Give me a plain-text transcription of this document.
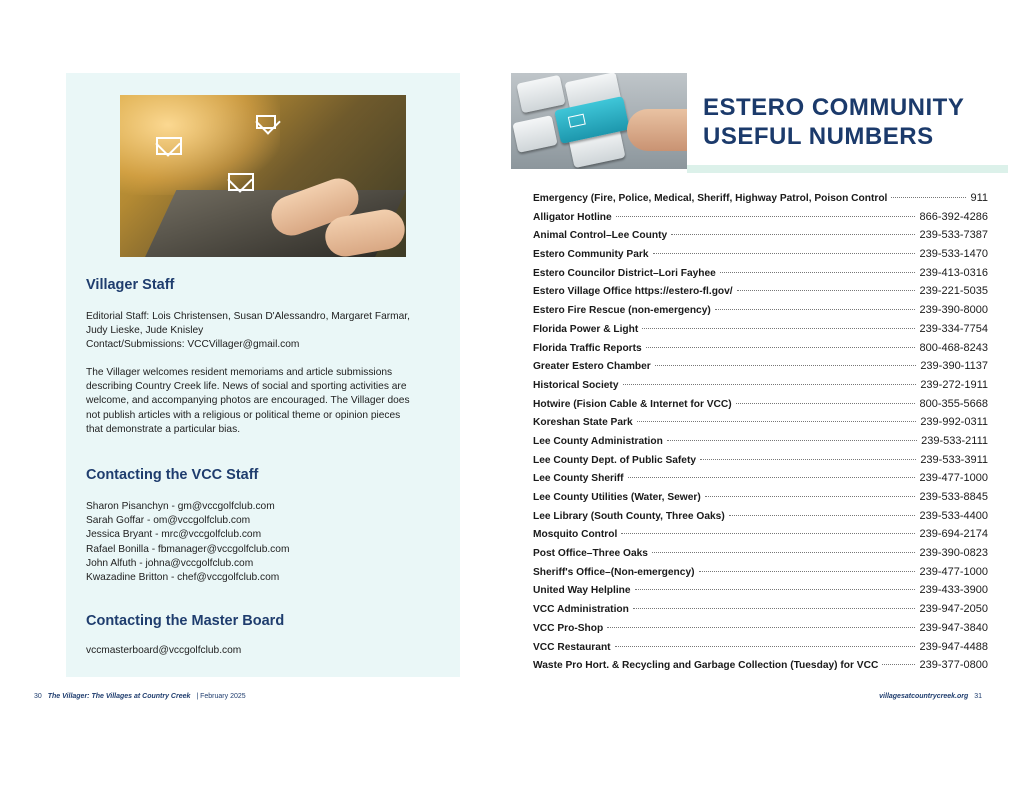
Villager Staff
Editorial Staff: Lois Christensen, Susan D'Alessandro, Margaret Farmar,
Judy Lieske, Jude Knisley
Contact/Submissions: VCCVillager@gmail.com
The Villager welcomes resident memoriams and article submissions
describing Country Creek life. News of social and sporting activities are
welcome, and accompanying photos are encouraged. The Villager does
not publish articles with a religious or political theme or opinion pieces
that demonstrate a particular bias.
Contacting the VCC Staff
Sharon Pisanchyn - gm@vccgolfclub.com
Sarah Goffar - om@vccgolfclub.com
Jessica Bryant - mrc@vccgolfclub.com
Rafael Bonilla - fbmanager@vccgolfclub.com
John Alfuth - johna@vccgolfclub.com
Kwazadine Britton - chef@vccgolfclub.com
Contacting the Master Board
vccmasterboard@vccgolfclub.com
30 The Villager: The Villages at Country Creek | February 2025
ESTERO COMMUNITY
USEFUL NUMBERS
Emergency (Fire, Police, Medical, Sheriff, Highway Patrol, Poison Control	911
Alligator Hotline	866-392-4286
Animal Control–Lee County	239-533-7387
Estero Community Park	239-533-1470
Estero Councilor District–Lori Fayhee	239-413-0316
Estero Village Office https://estero-fl.gov/	239-221-5035
Estero Fire Rescue (non-emergency)	239-390-8000
Florida Power & Light	239-334-7754
Florida Traffic Reports	800-468-8243
Greater Estero Chamber	239-390-1137
Historical Society	239-272-1911
Hotwire (Fision Cable & Internet for VCC)	800-355-5668
Koreshan State Park	239-992-0311
Lee County Administration	239-533-2111
Lee County Dept. of Public Safety	239-533-3911
Lee County Sheriff	239-477-1000
Lee County Utilities (Water, Sewer)	239-533-8845
Lee Library (South County, Three Oaks)	239-533-4400
Mosquito Control	239-694-2174
Post Office–Three Oaks	239-390-0823
Sheriff's Office–(Non-emergency)	239-477-1000
United Way Helpline	239-433-3900
VCC Administration	239-947-2050
VCC Pro-Shop	239-947-3840
VCC Restaurant	239-947-4488
Waste Pro Hort. & Recycling and Garbage Collection (Tuesday) for VCC	239-377-0800
villagesatcountrycreek.org 31
